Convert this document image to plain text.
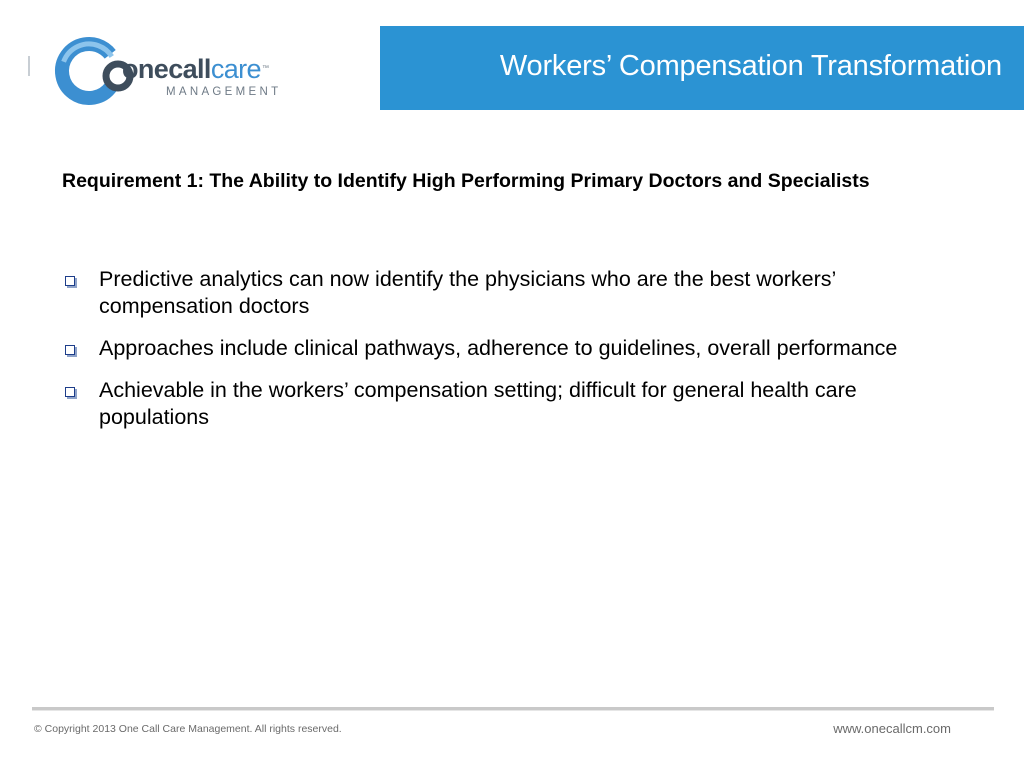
onecallcare™
MANAGEMENT
Workers’ Compensation Transformation
Requirement 1: The Ability to Identify High Performing Primary Doctors and Specialists
Predictive analytics can now identify the physicians who are the best workers’ compensation doctors
Approaches include clinical pathways, adherence to guidelines, overall performance
Achievable in the workers’ compensation setting; difficult for general health care populations
© Copyright 2013 One Call Care Management. All rights reserved.	www.onecallcm.com
